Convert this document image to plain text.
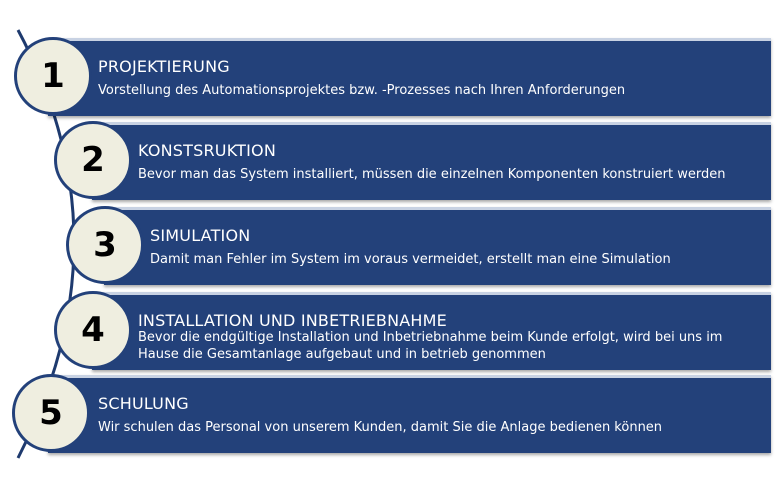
PROJEKTIERUNG
Vorstellung des Automationsprojektes bzw. -Prozesses nach Ihren Anforderungen
1
KONSTSRUKTION
Bevor man das System installiert, müssen die einzelnen Komponenten konstruiert werden
2
SIMULATION
Damit man Fehler im System im voraus vermeidet, erstellt man eine Simulation
3
INSTALLATION UND INBETRIEBNAHME
Bevor die endgültige Installation und Inbetriebnahme beim Kunde erfolgt, wird bei uns im
Hause die Gesamtanlage aufgebaut und in betrieb genommen
4
SCHULUNG
Wir schulen das Personal von unserem Kunden, damit Sie die Anlage bedienen können
5
